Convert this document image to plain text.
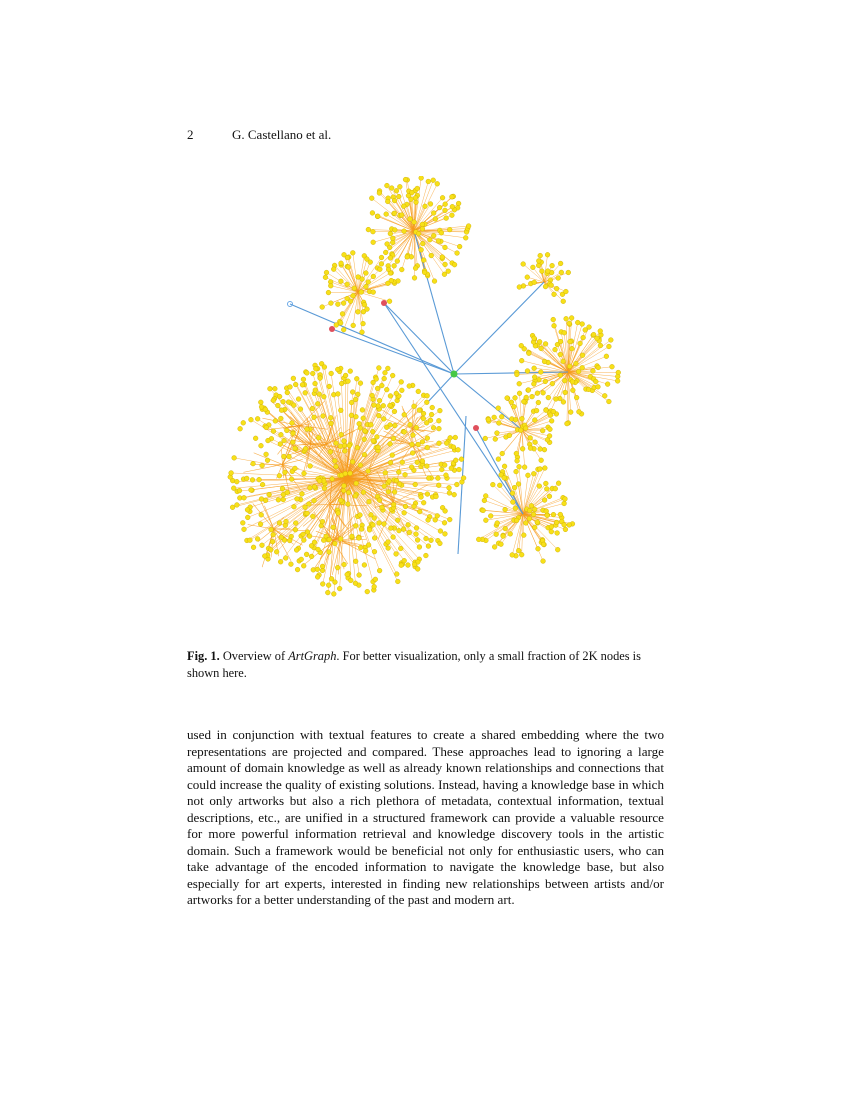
2	G. Castellano et al.
Fig. 1. Overview of ArtGraph. For better visualization, only a small fraction of 2K nodes is shown here.
used in conjunction with textual features to create a shared embedding where the two representations are projected and compared. These approaches lead to ignoring a large amount of domain knowledge as well as already known relationships and connections that could increase the quality of existing solutions. Instead, having a knowledge base in which not only artworks but also a rich plethora of metadata, contextual information, textual descriptions, etc., are unified in a structured framework can provide a valuable resource for more powerful information retrieval and knowledge discovery tools in the artistic domain. Such a framework would be beneficial not only for enthusiastic users, who can take advantage of the encoded information to navigate the knowledge base, but also especially for art experts, interested in finding new relationships between artists and/or artworks for a better understanding of the past and modern art.
